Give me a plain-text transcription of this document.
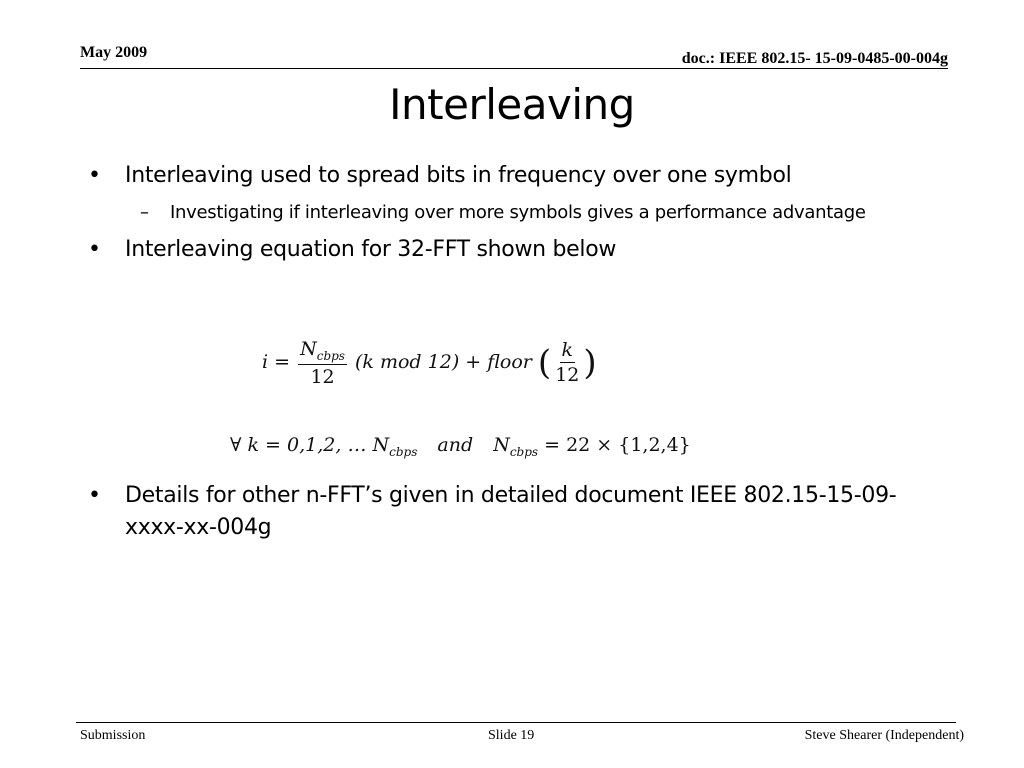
May 2009	doc.: IEEE 802.15- 15-09-0485-00-004g
Interleaving
• Interleaving used to spread bits in frequency over one symbol
– Investigating if interleaving over more symbols gives a performance advantage
• Interleaving equation for 32-FFT shown below
• Details for other n-FFT’s given in detailed document IEEE 802.15-15-09-xxxx-xx-004g
$i = \frac{N_{cbps}}{12} (k$ mod 12) + floor ( $\frac{k}{12}$ )
∀ k = 0,1,2, … $N_{cbps}$ and $N_{cbps} = 22 \times \{1,2,4\}$
Submission	Slide 19	Steve Shearer (Independent)
